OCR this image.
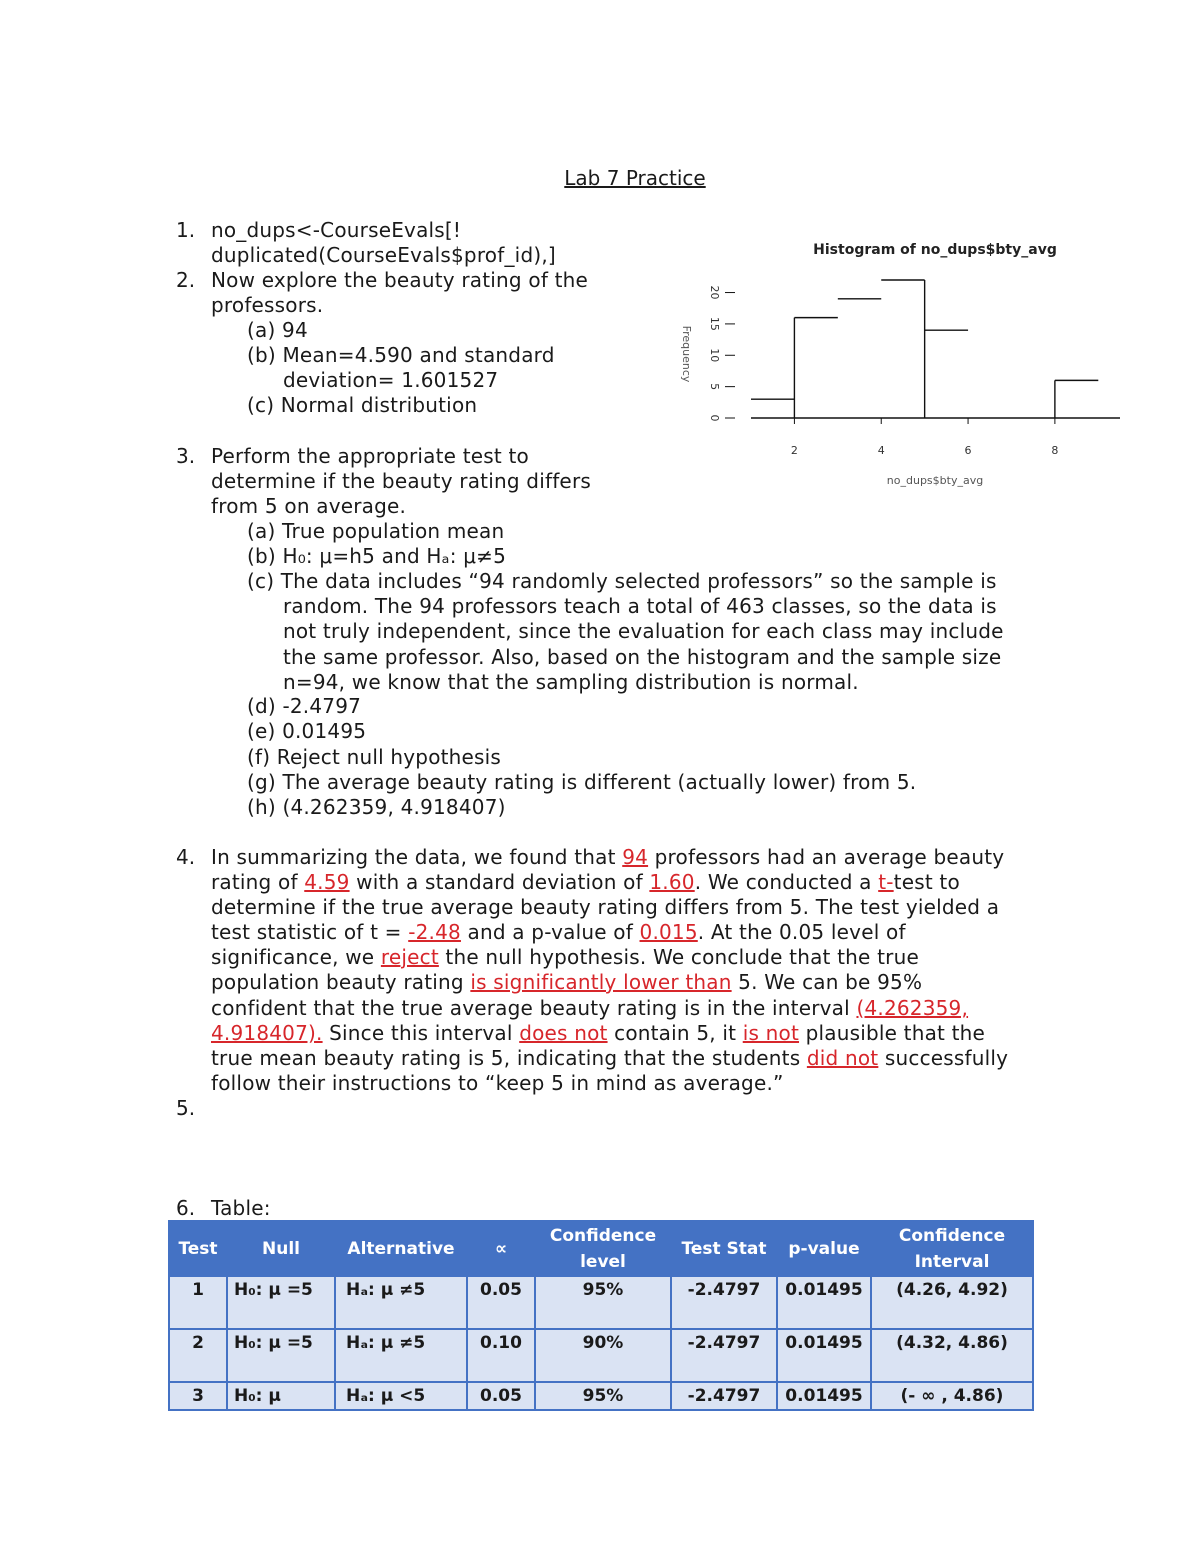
Lab 7 Practice
1. no_dups<-CourseEvals[!
duplicated(CourseEvals$prof_id),]
2. Now explore the beauty rating of the
professors.
(a) 94
(b) Mean=4.590 and standard
deviation= 1.601527
(c) Normal distribution
Histogram of no_dups$bty_avg
Frequency
no_dups$bty_avg
2	4	6	8
0
5
10
15
20
3. Perform the appropriate test to
determine if the beauty rating differs
from 5 on average.
(a) True population mean
(b) H₀: μ=h5 and Hₐ: μ≠5
(c) The data includes “94 randomly selected professors” so the sample is
random. The 94 professors teach a total of 463 classes, so the data is
not truly independent, since the evaluation for each class may include
the same professor. Also, based on the histogram and the sample size
n=94, we know that the sampling distribution is normal.
(d) -2.4797
(e) 0.01495
(f) Reject null hypothesis
(g) The average beauty rating is different (actually lower) from 5.
(h) (4.262359, 4.918407)
4. In summarizing the data, we found that 94 professors had an average beauty
rating of 4.59 with a standard deviation of 1.60. We conducted a t-test to
determine if the true average beauty rating differs from 5. The test yielded a
test statistic of t = -2.48 and a p-value of 0.015. At the 0.05 level of
significance, we reject the null hypothesis. We conclude that the true
population beauty rating is significantly lower than 5. We can be 95%
confident that the true average beauty rating is in the interval (4.262359,
4.918407). Since this interval does not contain 5, it is not plausible that the
true mean beauty rating is 5, indicating that the students did not successfully
follow their instructions to “keep 5 in mind as average.”
5.
6. Table:
Test	Null	Alternative	∝	Confidence level	Test Stat	p-value	Confidence Interval
1	H₀: μ =5	Hₐ: μ ≠5	0.05	95%	-2.4797	0.01495	(4.26, 4.92)
2	H₀: μ =5	Hₐ: μ ≠5	0.10	90%	-2.4797	0.01495	(4.32, 4.86)
3	H₀: μ	Hₐ: μ <5	0.05	95%	-2.4797	0.01495	(- ∞ , 4.86)
